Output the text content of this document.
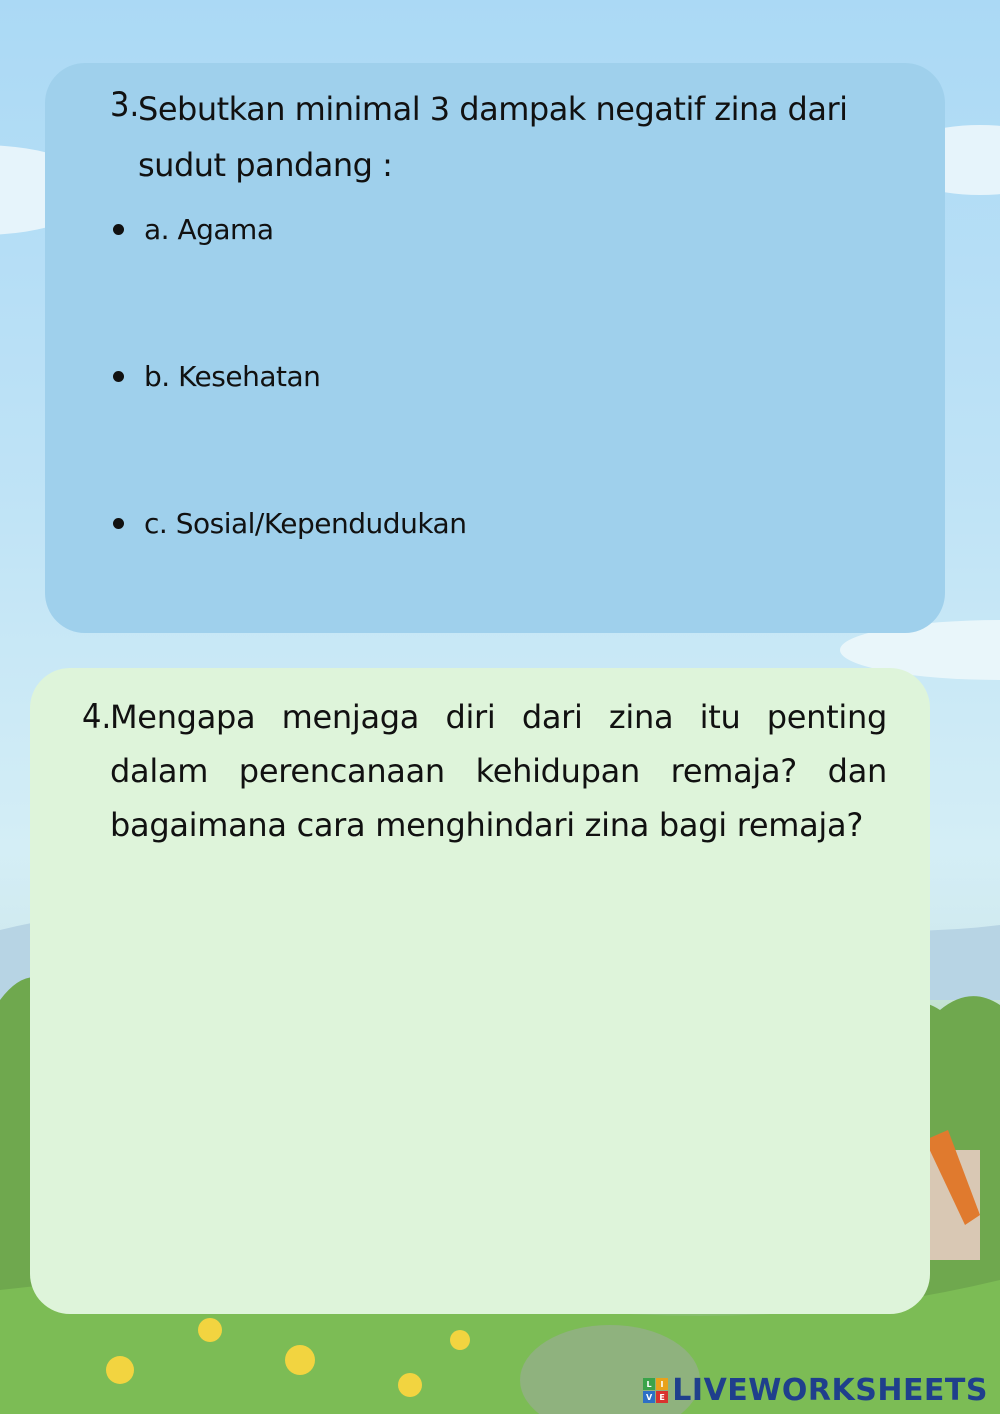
3.
Sebutkan minimal 3 dampak negatif zina dari sudut pandang :
a. Agama
b. Kesehatan
c. Sosial/Kependudukan
4.
Mengapa menjaga diri dari zina itu penting dalam perencanaan kehidupan remaja? dan bagaimana cara menghindari zina bagi remaja?
L	I
V E LIVEWORKSHEETS
